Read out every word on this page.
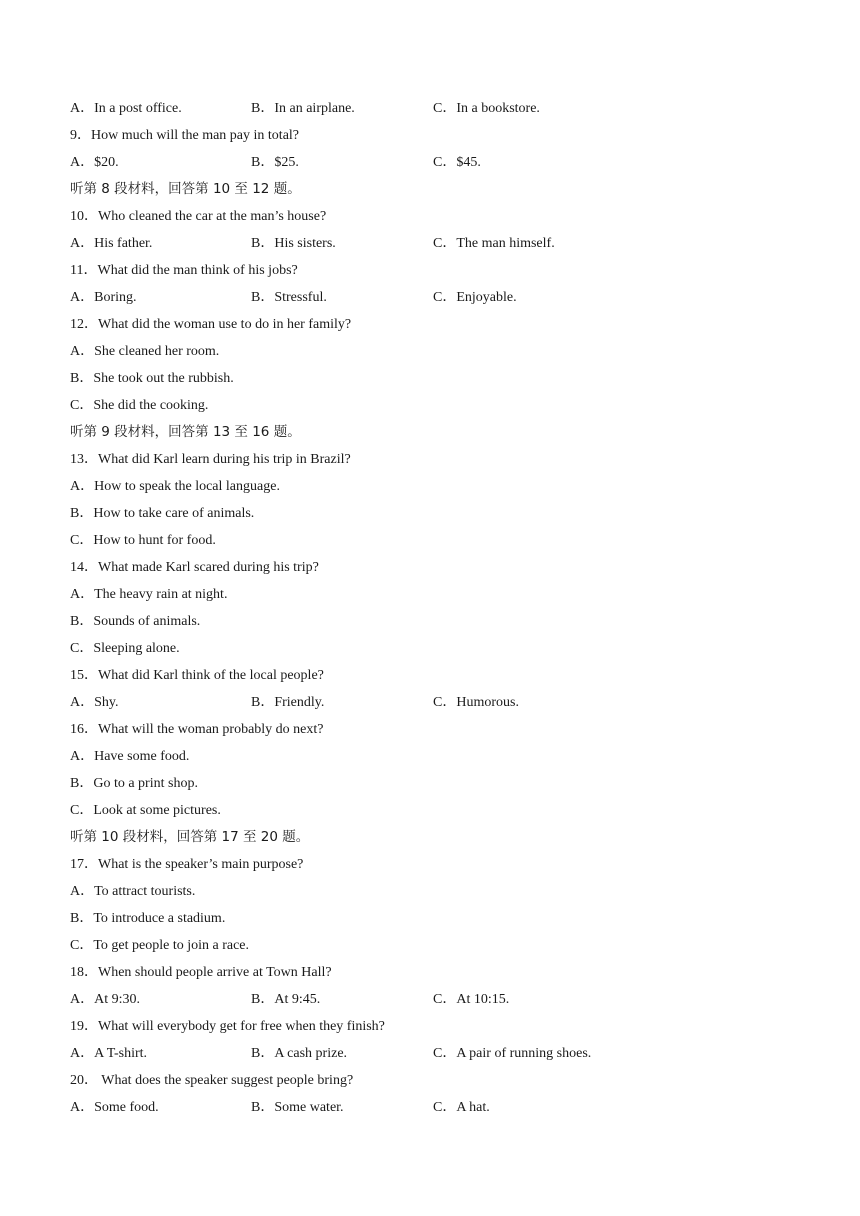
A．In a post office.	B．In an airplane.	C．In a bookstore.
9．How much will the man pay in total?
A．$20.	B．$25.	C．$45.
听第 8 段材料，回答第 10 至 12 题。
10．Who cleaned the car at the man’s house?
A．His father.	B．His sisters.	C．The man himself.
11．What did the man think of his jobs?
A．Boring.	B．Stressful.	C．Enjoyable.
12．What did the woman use to do in her family?
A．She cleaned her room.
B．She took out the rubbish.
C．She did the cooking.
听第 9 段材料，回答第 13 至 16 题。
13．What did Karl learn during his trip in Brazil?
A．How to speak the local language.
B．How to take care of animals.
C．How to hunt for food.
14．What made Karl scared during his trip?
A．The heavy rain at night.
B．Sounds of animals.
C．Sleeping alone.
15．What did Karl think of the local people?
A．Shy.	B．Friendly.	C．Humorous.
16．What will the woman probably do next?
A．Have some food.
B．Go to a print shop.
C．Look at some pictures.
听第 10 段材料，回答第 17 至 20 题。
17．What is the speaker’s main purpose?
A．To attract tourists.
B．To introduce a stadium.
C．To get people to join a race.
18．When should people arrive at Town Hall?
A．At 9:30.	B．At 9:45.	C．At 10:15.
19．What will everybody get for free when they finish?
A．A T-shirt.	B．A cash prize.	C．A pair of running shoes.
20． What does the speaker suggest people bring?
A．Some food.	B．Some water.	C．A hat.
